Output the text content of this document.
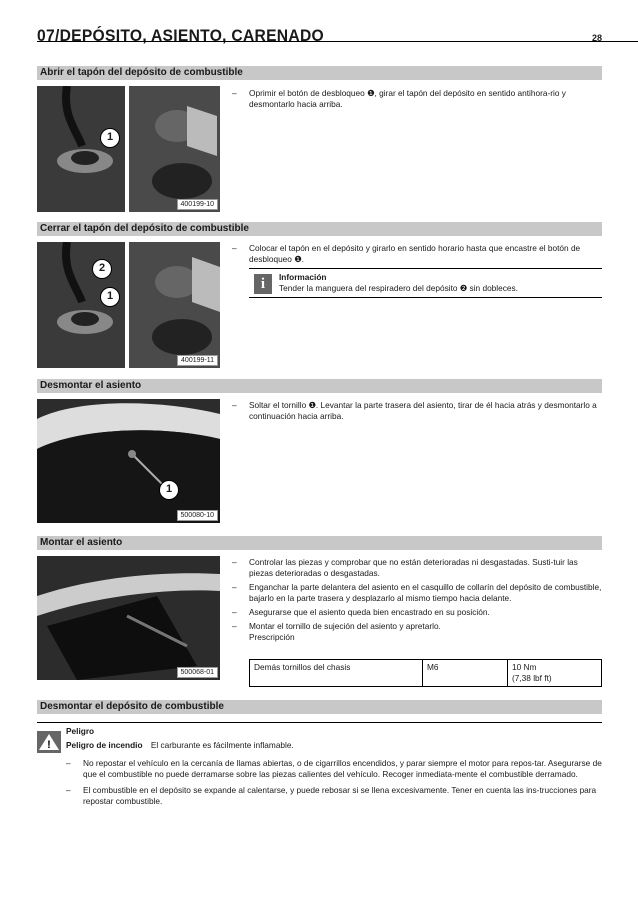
07/DEPÓSITO, ASIENTO, CARENADO	28
Abrir el tapón del depósito de combustible
1
400199-10
– Oprimir el botón de desbloqueo ❶, girar el tapón del depósito en sentido antihora-rio y desmontarlo hacia arriba.
Cerrar el tapón del depósito de combustible
2
1
400199-11
– Colocar el tapón en el depósito y girarlo en sentido horario hasta que encastre el botón de desbloqueo ❶.
i	Información
Tender la manguera del respiradero del depósito ❷ sin dobleces.
Desmontar el asiento
1
500080-10
– Soltar el tornillo ❶. Levantar la parte trasera del asiento, tirar de él hacia atrás y desmontarlo a continuación hacia arriba.
Montar el asiento
500068-01
– Controlar las piezas y comprobar que no están deterioradas ni desgastadas. Susti-tuir las piezas deterioradas o desgastadas.
– Enganchar la parte delantera del asiento en el casquillo de collarín del depósito de combustible, bajarlo en la parte trasera y desplazarlo al mismo tiempo hacia delante.
– Asegurarse que el asiento queda bien encastrado en su posición.
– Montar el tornillo de sujeción del asiento y apretarlo.
Prescripción
Demás tornillos del chasis	M6	10 Nm
(7,38 lbf ft)
Desmontar el depósito de combustible
!
Peligro
Peligro de incendio El carburante es fácilmente inflamable.
– No repostar el vehículo en la cercanía de llamas abiertas, o de cigarrillos encendidos, y parar siempre el motor para repos-tar. Asegurarse de que el combustible no puede derramarse sobre las piezas calientes del vehículo. Recoger inmediata-mente el combustible derramado.
– El combustible en el depósito se expande al calentarse, y puede rebosar si se llena excesivamente. Tener en cuenta las ins-trucciones para repostar combustible.
